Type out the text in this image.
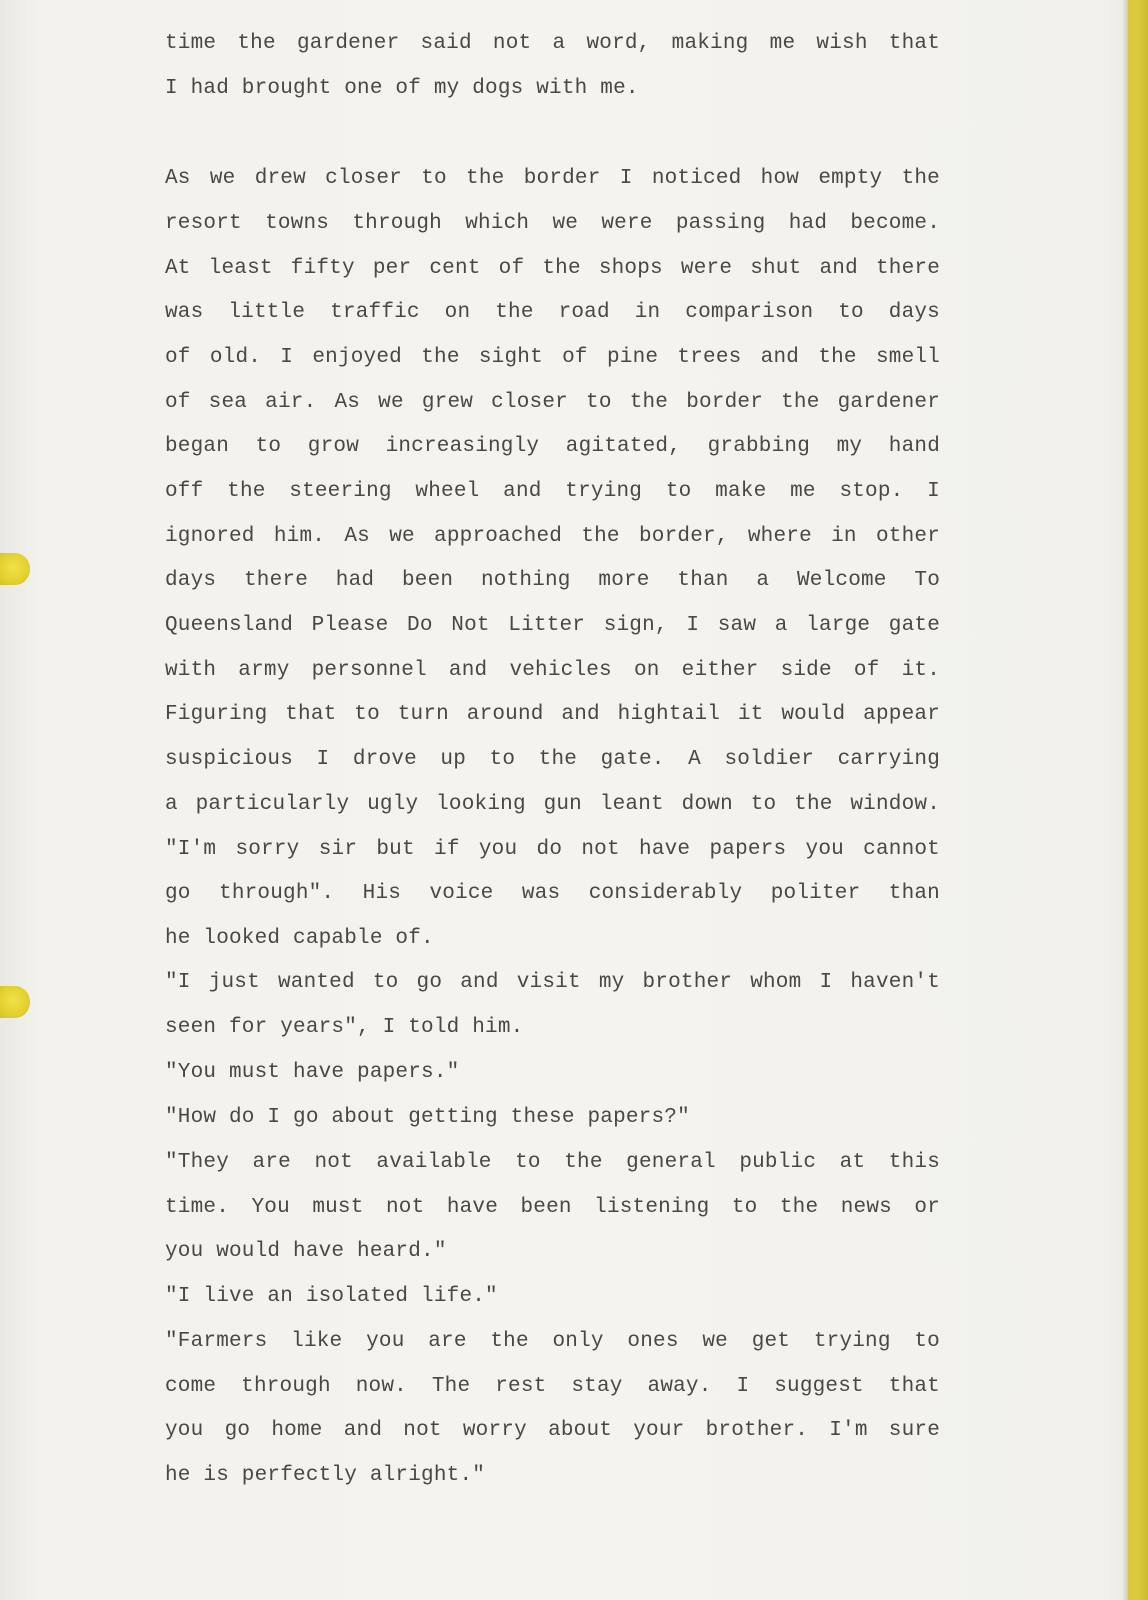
time the gardener said not a word, making me wish that
I had brought one of my dogs with me.
As we drew closer to the border I noticed how empty the
resort towns through which we were passing had become.
At least fifty per cent of the shops were shut and there
was little traffic on the road in comparison to days
of old. I enjoyed the sight of pine trees and the smell
of sea air. As we grew closer to the border the gardener
began to grow increasingly agitated, grabbing my hand
off the steering wheel and trying to make me stop. I
ignored him. As we approached the border, where in other
days there had been nothing more than a Welcome To
Queensland Please Do Not Litter sign, I saw a large gate
with army personnel and vehicles on either side of it.
Figuring that to turn around and hightail it would appear
suspicious I drove up to the gate. A soldier carrying
a particularly ugly looking gun leant down to the window.
"I'm sorry sir but if you do not have papers you cannot
go through". His voice was considerably politer than
he looked capable of.
"I just wanted to go and visit my brother whom I haven't
seen for years", I told him.
"You must have papers."
"How do I go about getting these papers?"
"They are not available to the general public at this
time. You must not have been listening to the news or
you would have heard."
"I live an isolated life."
"Farmers like you are the only ones we get trying to
come through now. The rest stay away. I suggest that
you go home and not worry about your brother. I'm sure
he is perfectly alright."
